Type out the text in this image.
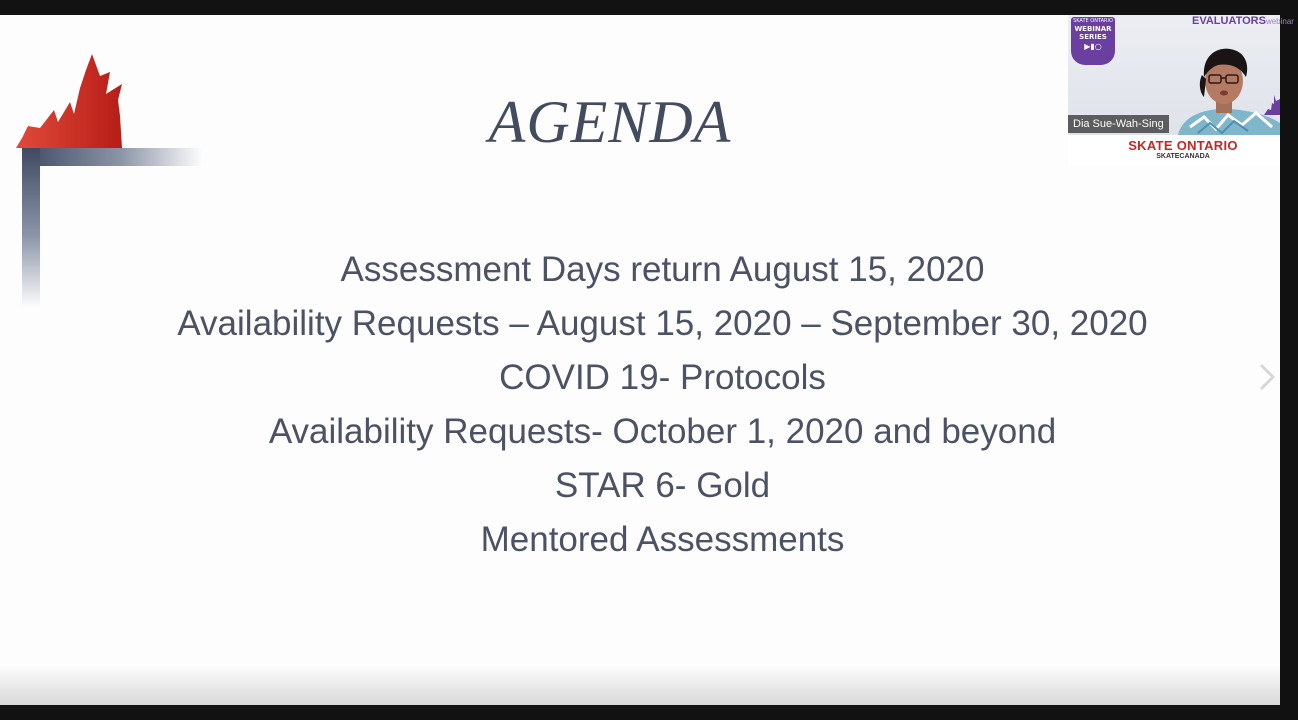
AGENDA
Assessment Days return August 15, 2020
Availability Requests – August 15, 2020 – September 30, 2020
COVID 19- Protocols
Availability Requests- October 1, 2020 and beyond
STAR 6- Gold
Mentored Assessments
SKATE ONTARIO
WEBINAR
SERIES
▶▮○
EVALUATORSwebinar
Dia Sue-Wah-Sing
SKATE ONTARIO
SKATECANADA
